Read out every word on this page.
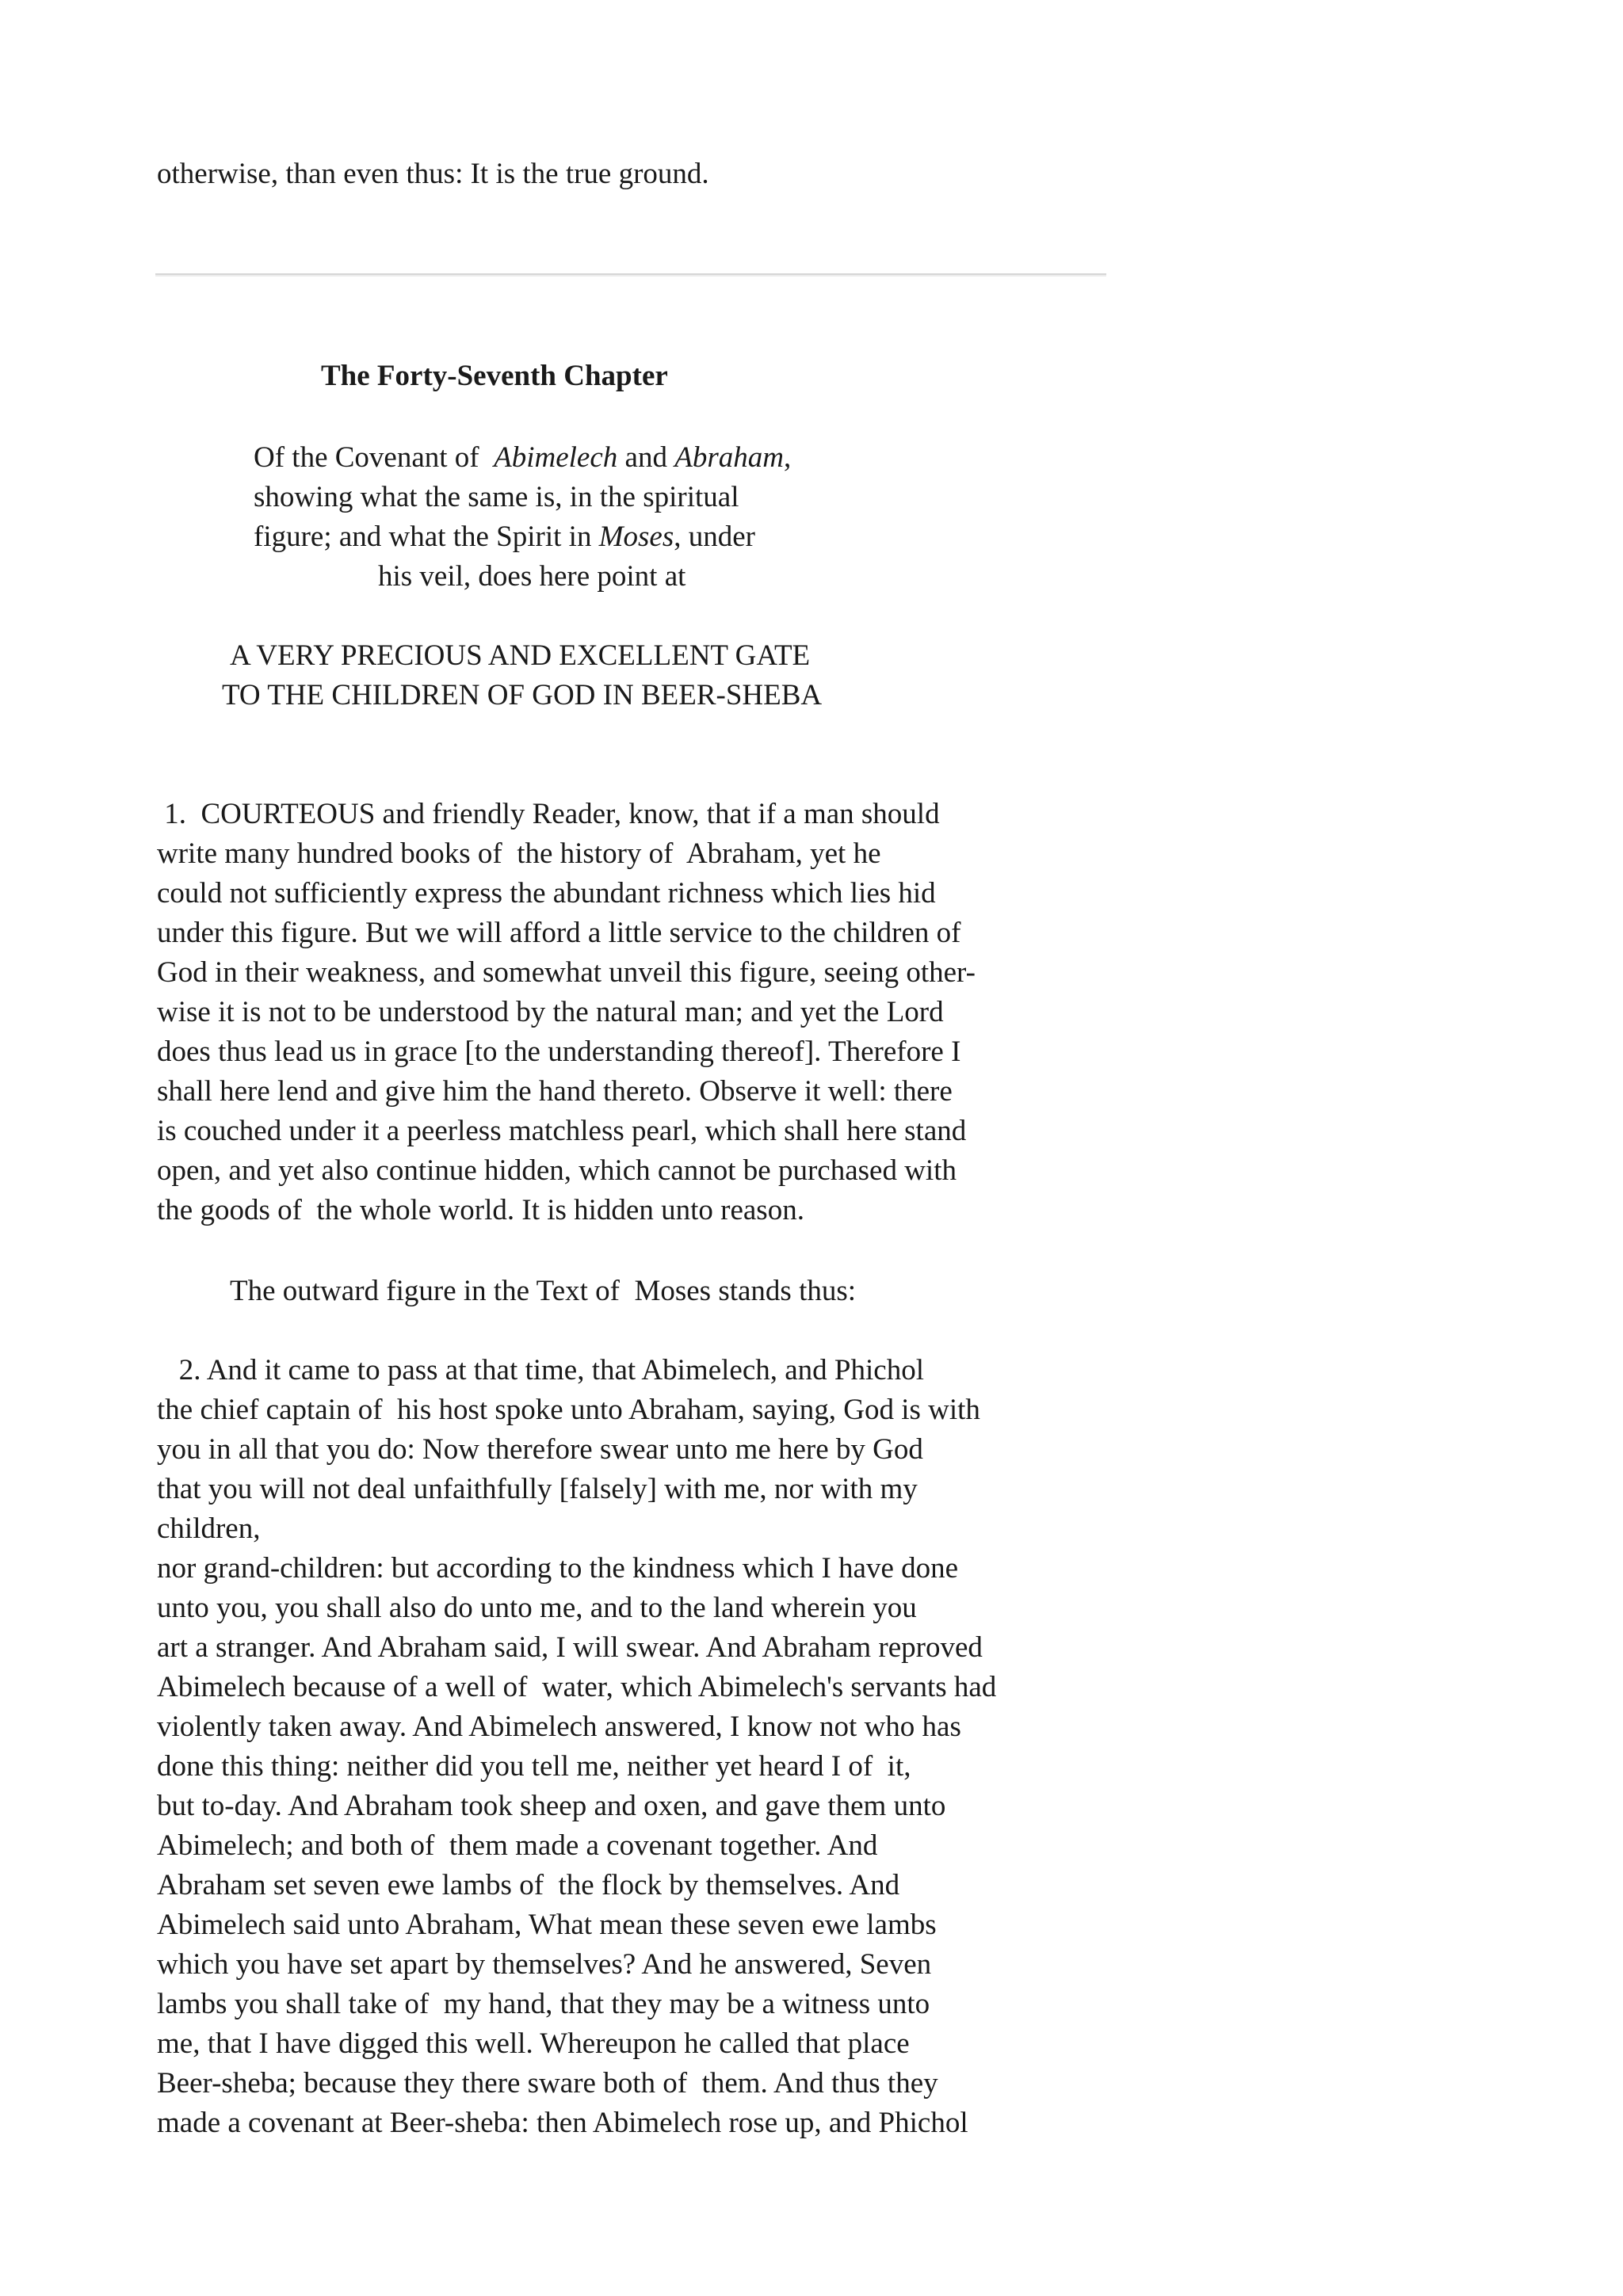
otherwise, than even thus: It is the true ground.
The Forty-Seventh Chapter
Of the Covenant of  Abimelech and Abraham,
showing what the same is, in the spiritual
figure; and what the Spirit in Moses, under
his veil, does here point at
A VERY PRECIOUS AND EXCELLENT GATE
TO THE CHILDREN OF GOD IN BEER-SHEBA
1.  COURTEOUS and friendly Reader, know, that if a man should
write many hundred books of  the history of  Abraham, yet he
could not sufficiently express the abundant richness which lies hid
under this figure. But we will afford a little service to the children of
God in their weakness, and somewhat unveil this figure, seeing other-
wise it is not to be understood by the natural man; and yet the Lord
does thus lead us in grace [to the understanding thereof]. Therefore I
shall here lend and give him the hand thereto. Observe it well: there
is couched under it a peerless matchless pearl, which shall here stand
open, and yet also continue hidden, which cannot be purchased with
the goods of  the whole world. It is hidden unto reason.
The outward figure in the Text of  Moses stands thus:
2. And it came to pass at that time, that Abimelech, and Phichol
the chief captain of  his host spoke unto Abraham, saying, God is with
you in all that you do: Now therefore swear unto me here by God
that you will not deal unfaithfully [falsely] with me, nor with my
children,
nor grand-children: but according to the kindness which I have done
unto you, you shall also do unto me, and to the land wherein you
art a stranger. And Abraham said, I will swear. And Abraham reproved
Abimelech because of a well of  water, which Abimelech's servants had
violently taken away. And Abimelech answered, I know not who has
done this thing: neither did you tell me, neither yet heard I of  it,
but to-day. And Abraham took sheep and oxen, and gave them unto
Abimelech; and both of  them made a covenant together. And
Abraham set seven ewe lambs of  the flock by themselves. And
Abimelech said unto Abraham, What mean these seven ewe lambs
which you have set apart by themselves? And he answered, Seven
lambs you shall take of  my hand, that they may be a witness unto
me, that I have digged this well. Whereupon he called that place
Beer-sheba; because they there sware both of  them. And thus they
made a covenant at Beer-sheba: then Abimelech rose up, and Phichol
